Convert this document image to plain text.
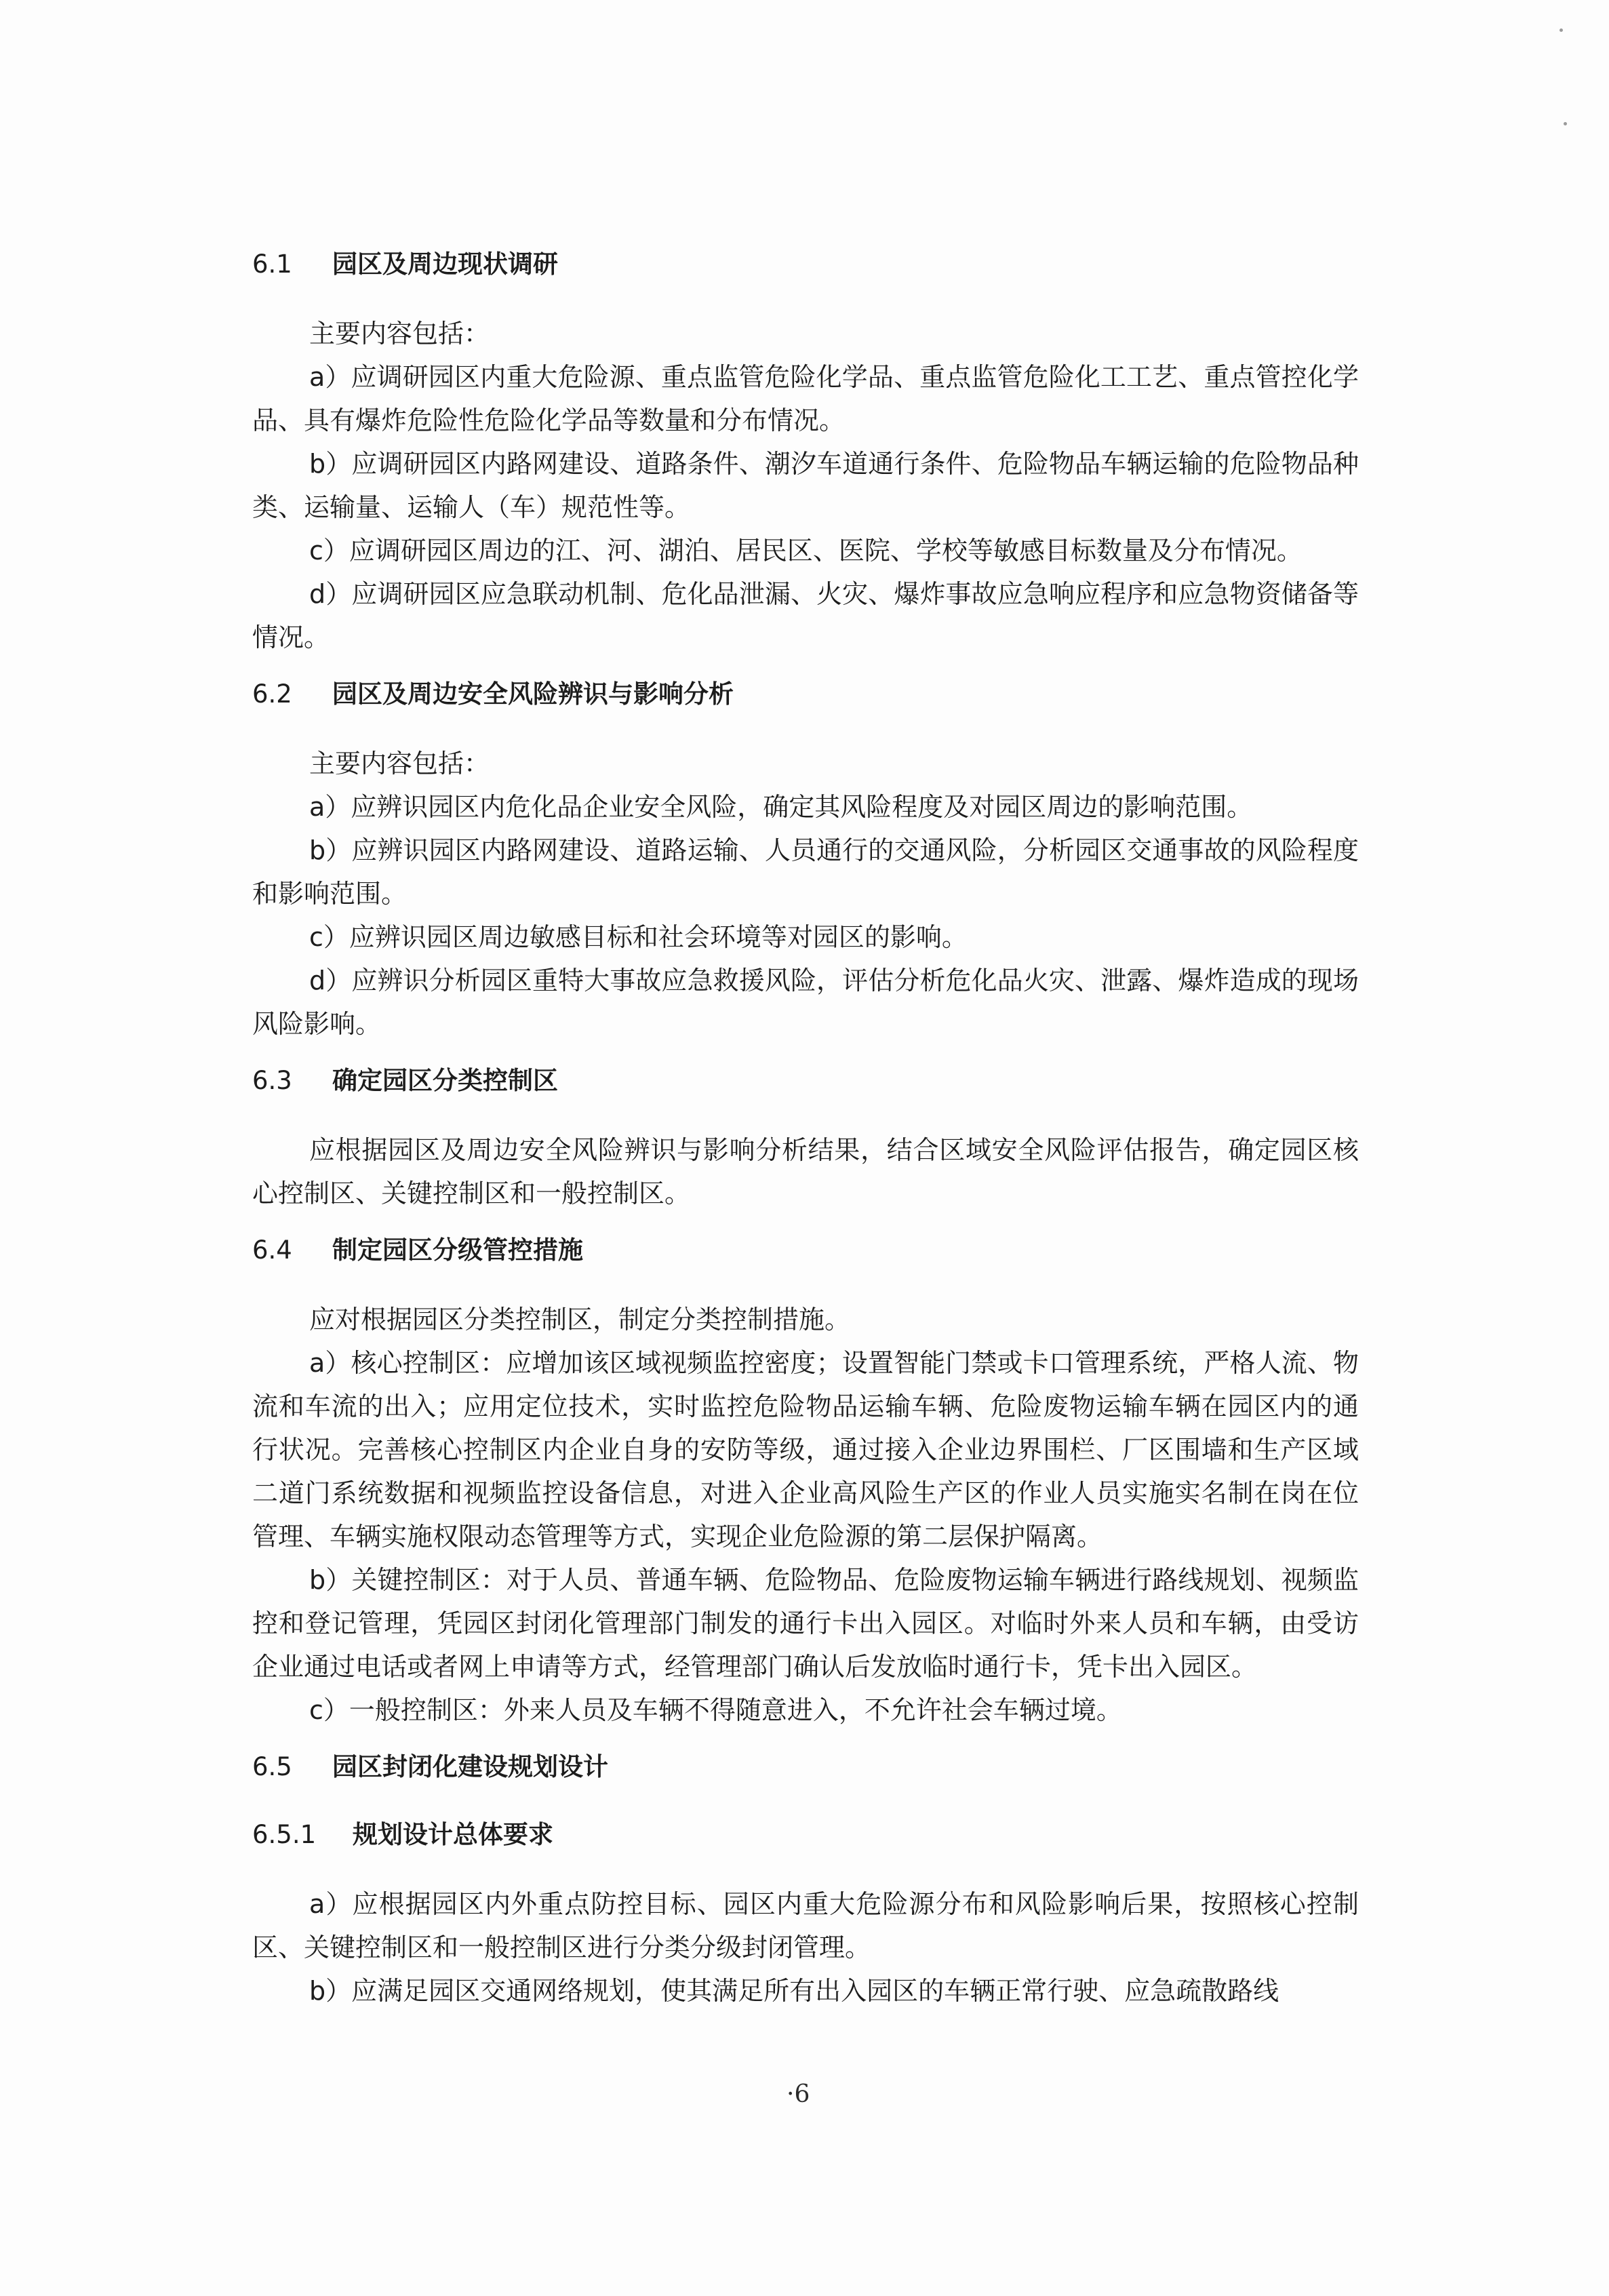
6.1 园区及周边现状调研

主要内容包括：

a）应调研园区内重大危险源、重点监管危险化学品、重点监管危险化工工艺、重点管控化学品、具有爆炸危险性危险化学品等数量和分布情况。

b）应调研园区内路网建设、道路条件、潮汐车道通行条件、危险物品车辆运输的危险物品种类、运输量、运输人（车）规范性等。

c）应调研园区周边的江、河、湖泊、居民区、医院、学校等敏感目标数量及分布情况。

d）应调研园区应急联动机制、危化品泄漏、火灾、爆炸事故应急响应程序和应急物资储备等情况。

6.2 园区及周边安全风险辨识与影响分析

主要内容包括：

a）应辨识园区内危化品企业安全风险，确定其风险程度及对园区周边的影响范围。

b）应辨识园区内路网建设、道路运输、人员通行的交通风险，分析园区交通事故的风险程度和影响范围。

c）应辨识园区周边敏感目标和社会环境等对园区的影响。

d）应辨识分析园区重特大事故应急救援风险，评估分析危化品火灾、泄露、爆炸造成的现场风险影响。

6.3 确定园区分类控制区

应根据园区及周边安全风险辨识与影响分析结果，结合区域安全风险评估报告，确定园区核心控制区、关键控制区和一般控制区。

6.4 制定园区分级管控措施

应对根据园区分类控制区，制定分类控制措施。

a）核心控制区：应增加该区域视频监控密度；设置智能门禁或卡口管理系统，严格人流、物流和车流的出入；应用定位技术，实时监控危险物品运输车辆、危险废物运输车辆在园区内的通行状况。完善核心控制区内企业自身的安防等级，通过接入企业边界围栏、厂区围墙和生产区域二道门系统数据和视频监控设备信息，对进入企业高风险生产区的作业人员实施实名制在岗在位管理、车辆实施权限动态管理等方式，实现企业危险源的第二层保护隔离。

b）关键控制区：对于人员、普通车辆、危险物品、危险废物运输车辆进行路线规划、视频监控和登记管理，凭园区封闭化管理部门制发的通行卡出入园区。对临时外来人员和车辆，由受访企业通过电话或者网上申请等方式，经管理部门确认后发放临时通行卡，凭卡出入园区。

c）一般控制区：外来人员及车辆不得随意进入，不允许社会车辆过境。

6.5 园区封闭化建设规划设计
6.5.1 规划设计总体要求

a）应根据园区内外重点防控目标、园区内重大危险源分布和风险影响后果，按照核心控制区、关键控制区和一般控制区进行分类分级封闭管理。

b）应满足园区交通网络规划，使其满足所有出入园区的车辆正常行驶、应急疏散路线

·6
